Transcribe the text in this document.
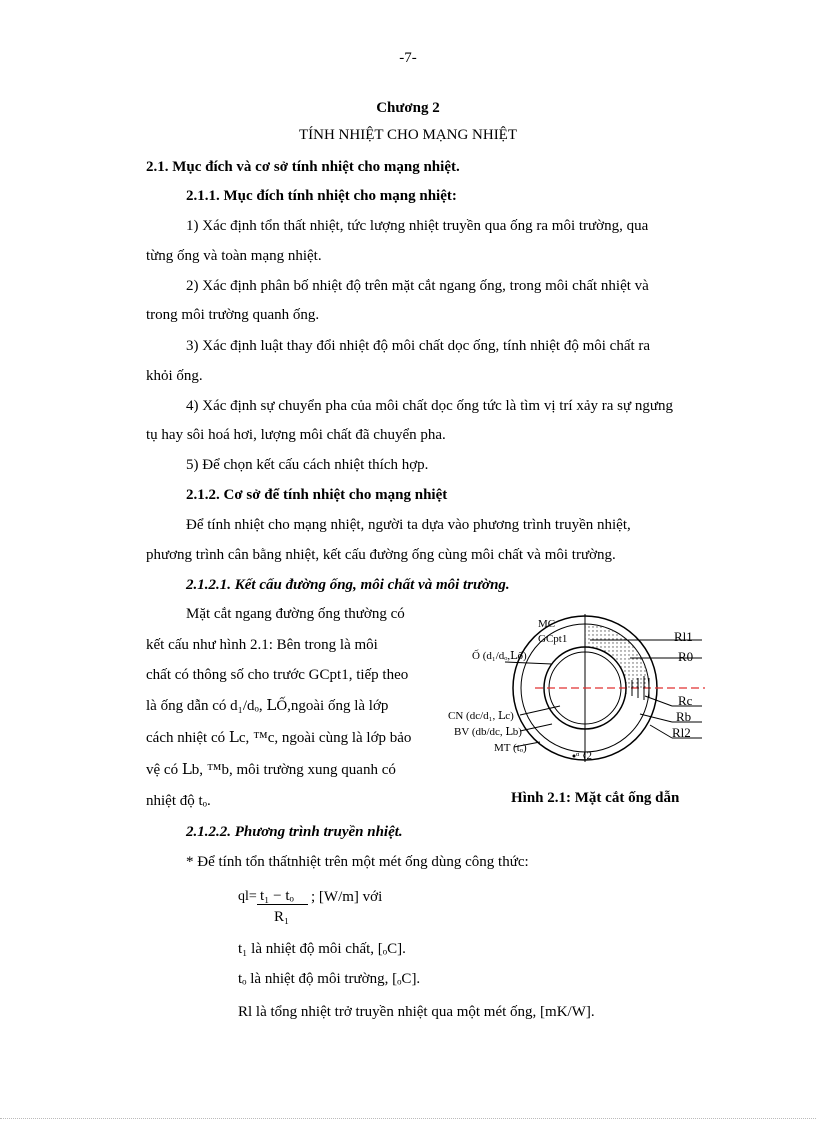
-7-
Chương 2
TÍNH NHIỆT CHO MẠNG NHIỆT
2.1. Mục đích và cơ sở tính nhiệt cho mạng nhiệt.
2.1.1. Mục đích tính nhiệt cho mạng nhiệt:
1) Xác định tổn thất nhiệt, tức lượng nhiệt truyền qua ống ra môi trường, qua
từng ống và toàn mạng nhiệt.
2) Xác định phân bố nhiệt độ trên mặt cắt ngang ống, trong môi chất nhiệt và
trong môi trường quanh ống.
3) Xác định luật thay đổi nhiệt độ môi chất dọc ống, tính nhiệt độ môi chất ra
khỏi ống.
4) Xác định sự chuyển pha của môi chất dọc ống tức là tìm vị trí xảy ra sự ngưng
tụ hay sôi hoá hơi, lượng môi chất đã chuyển pha.
5) Để chọn kết cấu cách nhiệt thích hợp.
2.1.2. Cơ sở để tính nhiệt cho mạng nhiệt
Để tính nhiệt cho mạng nhiệt, người ta dựa vào phương trình truyền nhiệt,
phương trình cân bằng nhiệt, kết cấu đường ống cùng môi chất và môi trường.
2.1.2.1. Kết cấu đường ống, môi chất và môi trường.
Mặt cắt ngang đường ống thường có
kết cấu như hình 2.1: Bên trong là môi
chất có thông số cho trước GCpt1, tiếp theo
là ống dẫn có d₁/dₒ, ⅬỐ,ngoài ống là lớp
cách nhiệt có Ⅼc, ™c, ngoài cùng là lớp bảo
vệ có Ⅼb, ™b, môi trường xung quanh có
nhiệt độ tₒ.
MC
GCpt1
Ố (d₁/dₒ,Ⅼố)
CN (dc/d₁, Ⅼc)
BV (db/dc, Ⅼb)
MT (tₒ)
ᵅ ⟨2
Rl1
R0
Rc
Rb
Rl2
Hình 2.1: Mặt cắt ống dẫn
2.1.2.2. Phương trình truyền nhiệt.
* Để tính tổn thấtnhiệt trên một mét ống dùng công thức:
ql= t₁ − tₒ ; [W/m] với
R₁
t₁ là nhiệt độ môi chất, [ₒC].
tₒ là nhiệt độ môi trường, [ₒC].
Rl là tổng nhiệt trở truyền nhiệt qua một mét ống, [mK/W].
